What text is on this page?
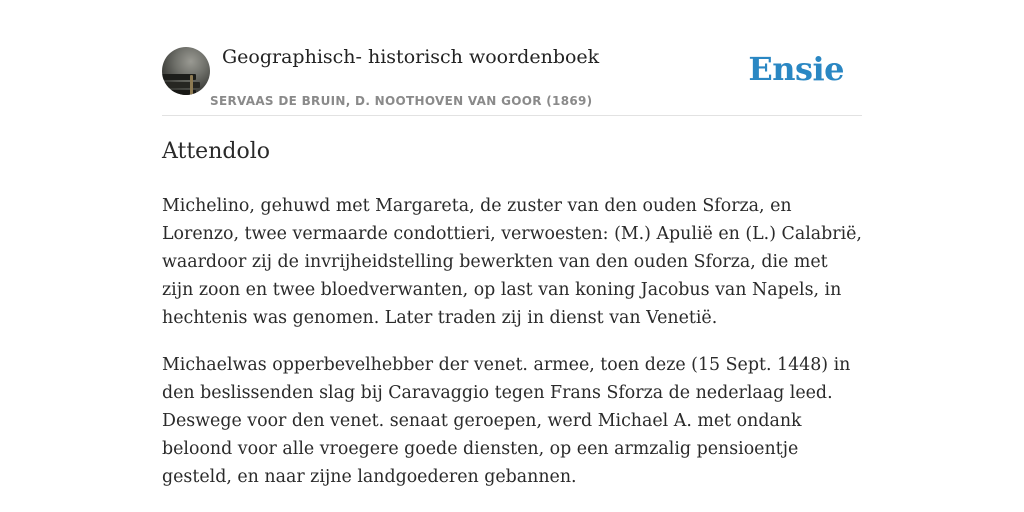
Geographisch- historisch woordenboek
SERVAAS DE BRUIN, D. NOOTHOVEN VAN GOOR (1869)
Ensie
Attendolo

Michelino, gehuwd met Margareta, de zuster van den ouden Sforza, en Lorenzo, twee vermaarde condottieri, verwoesten: (M.) Apulië en (L.) Calabrië, waardoor zij de invrijheidstelling bewerkten van den ouden Sforza, die met zijn zoon en twee bloedverwanten, op last van koning Jacobus van Napels, in hechtenis was genomen. Later traden zij in dienst van Venetië.

Michaelwas opperbevelhebber der venet. armee, toen deze (15 Sept. 1448) in den beslissenden slag bij Caravaggio tegen Frans Sforza de nederlaag leed. Deswege voor den venet. senaat geroepen, werd Michael A. met ondank beloond voor alle vroegere goede diensten, op een armzalig pensioentje gesteld, en naar zijne landgoederen gebannen.
